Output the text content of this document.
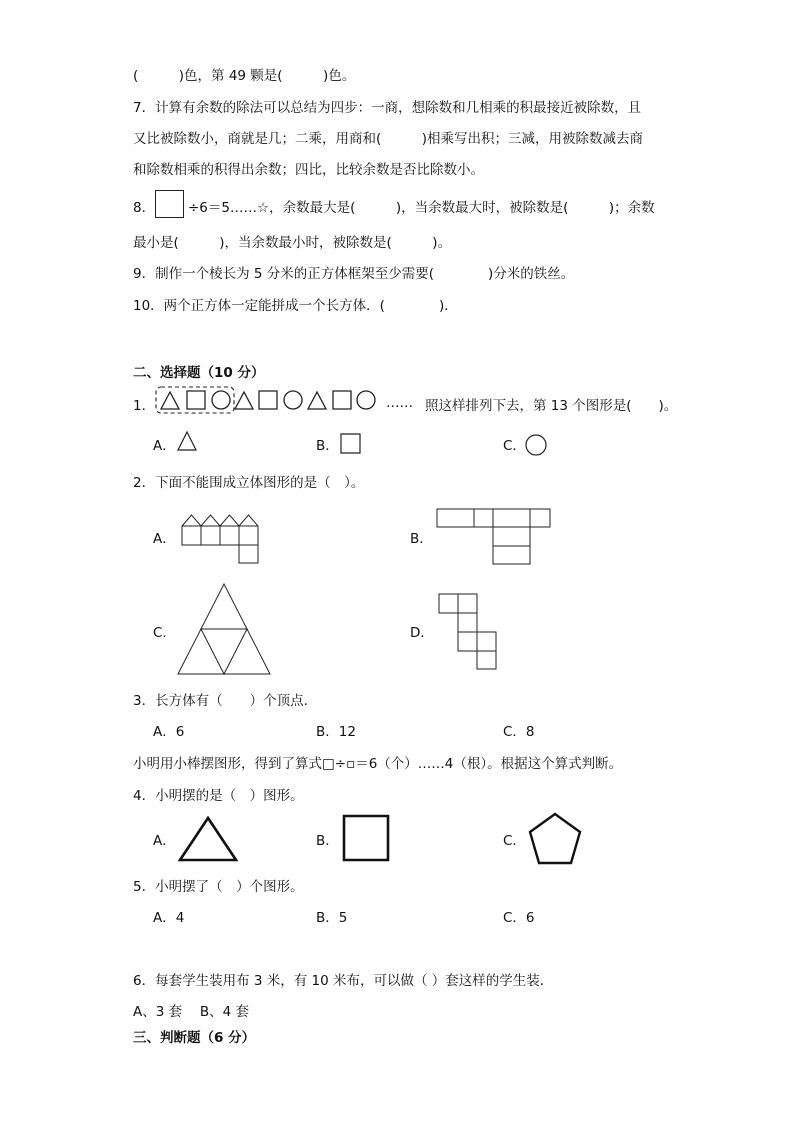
(　　　)色，第 49 颗是(　　　)色。
7．计算有余数的除法可以总结为四步：一商，想除数和几相乘的积最接近被除数，且
又比被除数小，商就是几；二乘，用商和(　　　)相乘写出积；三减，用被除数减去商
和除数相乘的积得出余数；四比，比较余数是否比除数小。
8． ÷6＝5……☆，余数最大是(　　　)，当余数最大时，被除数是(　　　)；余数
最小是(　　　)，当余数最小时，被除数是(　　　)。
9．制作一个棱长为 5 分米的正方体框架至少需要(　　　　)分米的铁丝。
10．两个正方体一定能拼成一个长方体．(　　　　)．
二、选择题（10 分）
1．	…… 照这样排列下去，第 13 个图形是(　　)。
A．	B．	C．
2．下面不能围成立体图形的是（　）。
A．	B．
C．	D．
3．长方体有（　　）个顶点．
A．6	B．12	C．8
小明用小棒摆图形，得到了算式□÷▫＝6（个）……4（根）。根据这个算式判断。
4．小明摆的是（　）图形。
A．	B．	C．
5．小明摆了（　）个图形。
A．4	B．5	C．6
6．每套学生装用布 3 米，有 10 米布，可以做（ ）套这样的学生装．
A、3 套　 B、4 套
三、判断题（6 分）
